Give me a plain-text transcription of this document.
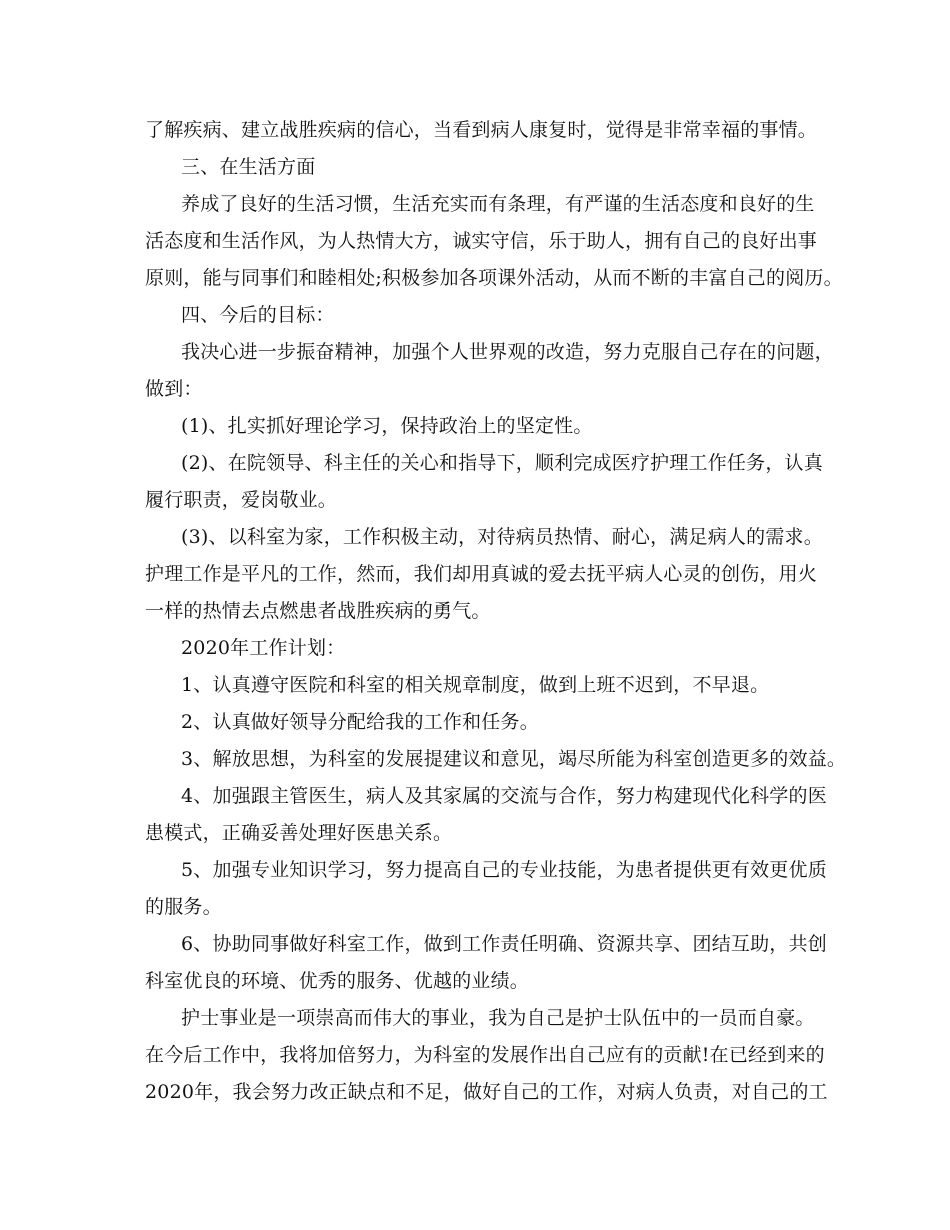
了解疾病、建立战胜疾病的信心，当看到病人康复时，觉得是非常幸福的事情。
三、在生活方面
养成了良好的生活习惯，生活充实而有条理，有严谨的生活态度和良好的生
活态度和生活作风，为人热情大方，诚实守信，乐于助人，拥有自己的良好出事
原则，能与同事们和睦相处;积极参加各项课外活动，从而不断的丰富自己的阅历。
四、今后的目标：
我决心进一步振奋精神，加强个人世界观的改造，努力克服自己存在的问题，
做到：
(1)、扎实抓好理论学习，保持政治上的坚定性。
(2)、在院领导、科主任的关心和指导下，顺利完成医疗护理工作任务，认真
履行职责，爱岗敬业。
(3)、以科室为家，工作积极主动，对待病员热情、耐心，满足病人的需求。
护理工作是平凡的工作，然而，我们却用真诚的爱去抚平病人心灵的创伤，用火
一样的热情去点燃患者战胜疾病的勇气。
2020年工作计划：
1、认真遵守医院和科室的相关规章制度，做到上班不迟到，不早退。
2、认真做好领导分配给我的工作和任务。
3、解放思想，为科室的发展提建议和意见，竭尽所能为科室创造更多的效益。
4、加强跟主管医生，病人及其家属的交流与合作，努力构建现代化科学的医
患模式，正确妥善处理好医患关系。
5、加强专业知识学习，努力提高自己的专业技能，为患者提供更有效更优质
的服务。
6、协助同事做好科室工作，做到工作责任明确、资源共享、团结互助，共创
科室优良的环境、优秀的服务、优越的业绩。
护士事业是一项崇高而伟大的事业，我为自己是护士队伍中的一员而自豪。
在今后工作中，我将加倍努力，为科室的发展作出自己应有的贡献!在已经到来的
2020年，我会努力改正缺点和不足，做好自己的工作，对病人负责，对自己的工
